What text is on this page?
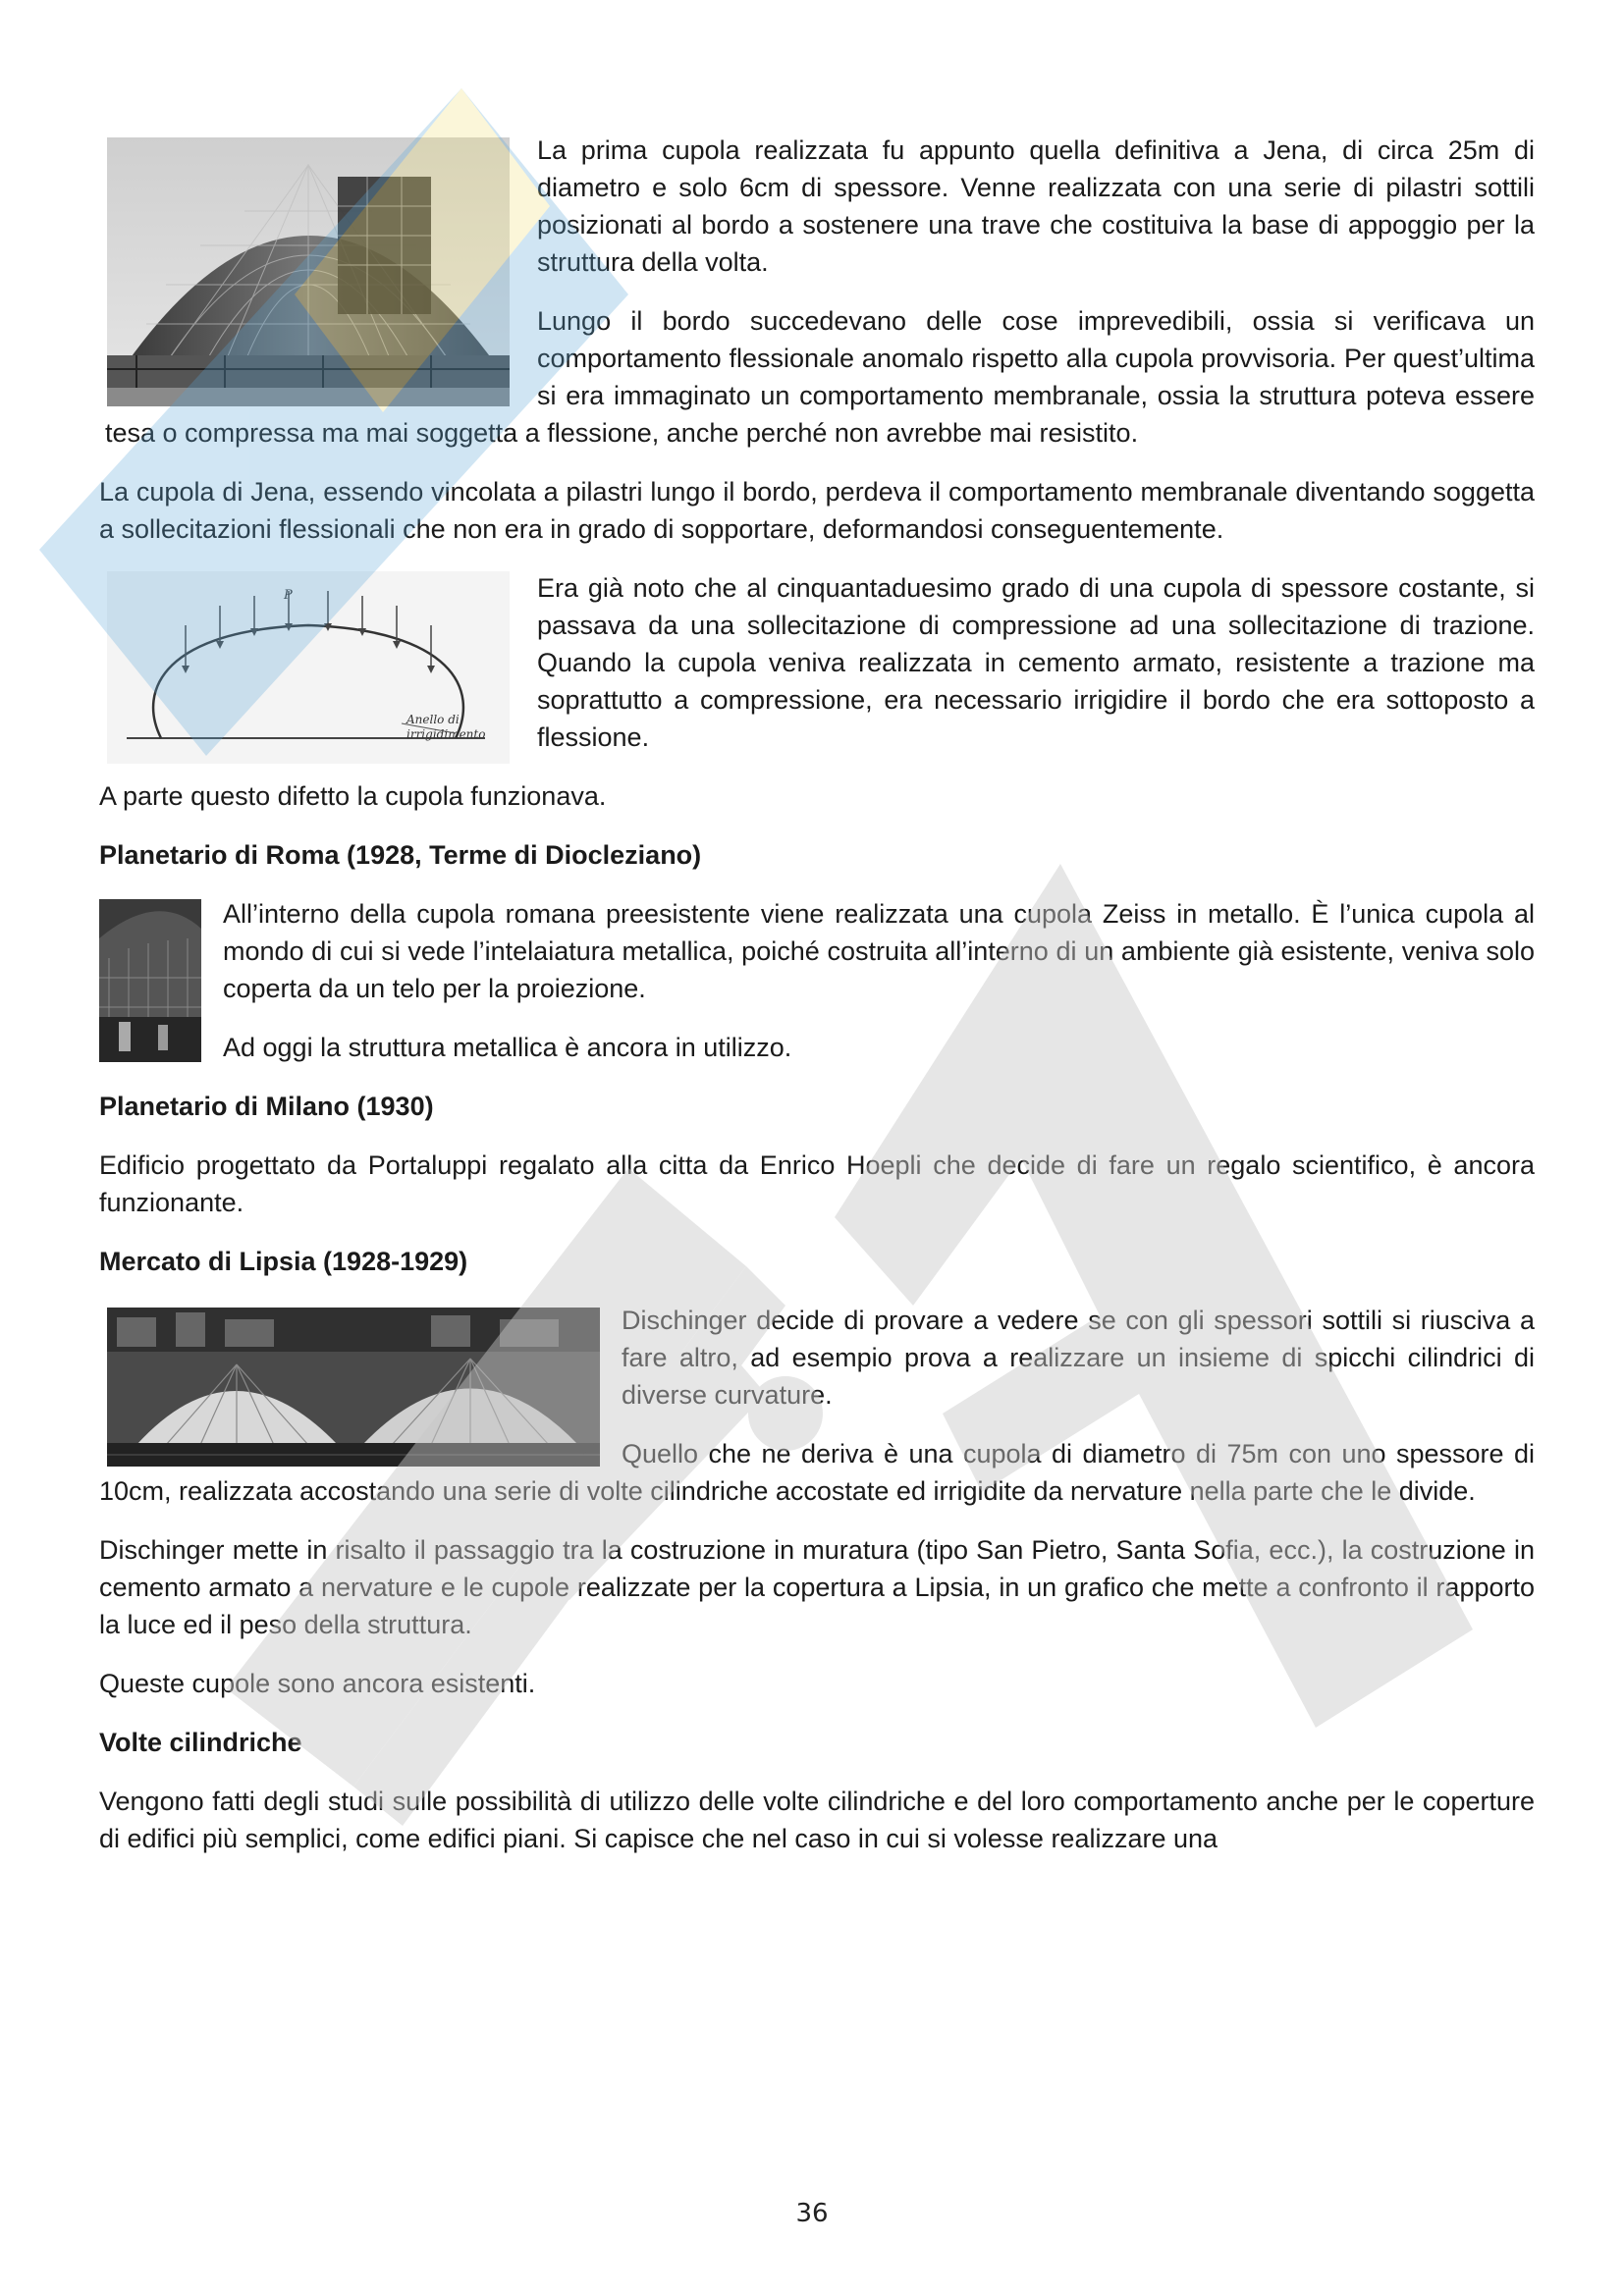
La prima cupola realizzata fu appunto quella definitiva a Jena, di circa 25m di diametro e solo 6cm di spessore. Venne realizzata con una serie di pilastri sottili posizionati al bordo a sostenere una trave che costituiva la base di appoggio per la struttura della volta.

Lungo il bordo succedevano delle cose imprevedibili, ossia si verificava un comportamento flessionale anomalo rispetto alla cupola provvisoria. Per quest’ultima si era immaginato un comportamento membranale, ossia la struttura poteva essere tesa o compressa ma mai soggetta a flessione, anche perché non avrebbe mai resistito.

La cupola di Jena, essendo vincolata a pilastri lungo il bordo, perdeva il comportamento membranale diventando soggetta a sollecitazioni flessionali che non era in grado di sopportare, deformandosi conseguentemente.

P
Anello di
irrigidimento

Era già noto che al cinquantaduesimo grado di una cupola di spessore costante, si passava da una sollecitazione di compressione ad una sollecitazione di trazione. Quando la cupola veniva realizzata in cemento armato, resistente a trazione ma soprattutto a compressione, era necessario irrigidire il bordo che era sottoposto a flessione.

A parte questo difetto la cupola funzionava.

Planetario di Roma (1928, Terme di Diocleziano)

All’interno della cupola romana preesistente viene realizzata una cupola Zeiss in metallo. È l’unica cupola al mondo di cui si vede l’intelaiatura metallica, poiché costruita all’interno di un ambiente già esistente, veniva solo coperta da un telo per la proiezione.

Ad oggi la struttura metallica è ancora in utilizzo.

Planetario di Milano (1930)

Edificio progettato da Portaluppi regalato alla citta da Enrico Hoepli che decide di fare un regalo scientifico, è ancora funzionante.

Mercato di Lipsia (1928-1929)

Dischinger decide di provare a vedere se con gli spessori sottili si riusciva a fare altro, ad esempio prova a realizzare un insieme di spicchi cilindrici di diverse curvature.

Quello che ne deriva è una cupola di diametro di 75m con uno spessore di 10cm, realizzata accostando una serie di volte cilindriche accostate ed irrigidite da nervature nella parte che le divide.

Dischinger mette in risalto il passaggio tra la costruzione in muratura (tipo San Pietro, Santa Sofia, ecc.), la costruzione in cemento armato a nervature e le cupole realizzate per la copertura a Lipsia, in un grafico che mette a confronto il rapporto la luce ed il peso della struttura.

Queste cupole sono ancora esistenti.

Volte cilindriche

Vengono fatti degli studi sulle possibilità di utilizzo delle volte cilindriche e del loro comportamento anche per le coperture di edifici più semplici, come edifici piani. Si capisce che nel caso in cui si volesse realizzare una

36
